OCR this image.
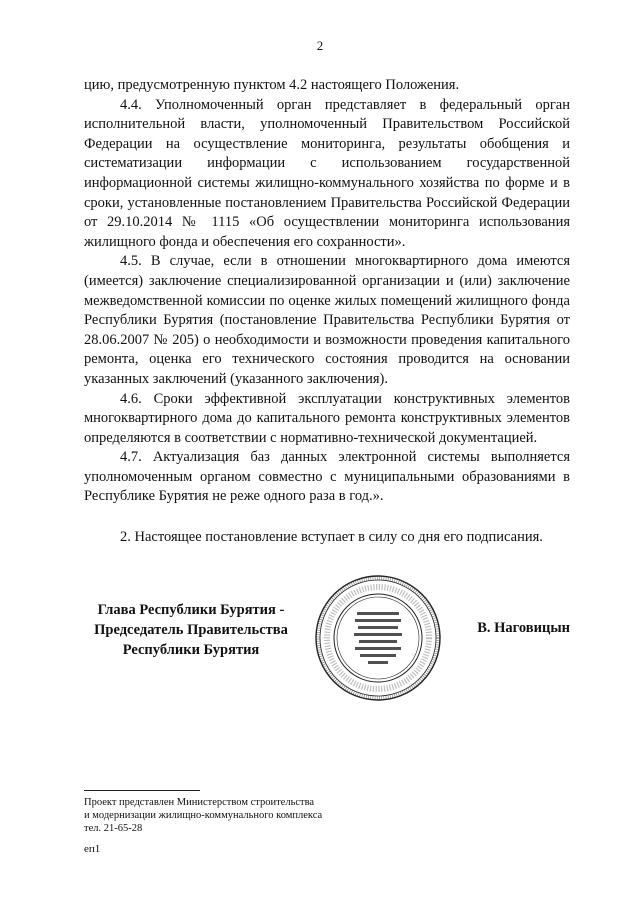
2

цию, предусмотренную пунктом 4.2 настоящего Положения.

4.4. Уполномоченный орган представляет в федеральный орган исполнительной власти, уполномоченный Правительством Российской Федерации на осуществление мониторинга, результаты обобщения и систематизации информации с использованием государственной информационной системы жилищно-коммунального хозяйства по форме и в сроки, установленные постановлением Правительства Российской Федерации от 29.10.2014 № 1115 «Об осуществлении мониторинга использования жилищного фонда и обеспечения его сохранности».

4.5. В случае, если в отношении многоквартирного дома имеются (имеется) заключение специализированной организации и (или) заключение межведомственной комиссии по оценке жилых помещений жилищного фонда Республики Бурятия (постановление Правительства Республики Бурятия от 28.06.2007 № 205) о необходимости и возможности проведения капитального ремонта, оценка его технического состояния проводится на основании указанных заключений (указанного заключения).

4.6. Сроки эффективной эксплуатации конструктивных элементов многоквартирного дома до капитального ремонта конструктивных элементов определяются в соответствии с нормативно-технической документацией.

4.7. Актуализация баз данных электронной системы выполняется уполномоченным органом совместно с муниципальными образованиями в Республике Бурятия не реже одного раза в год.».

2. Настоящее постановление вступает в силу со дня его подписания.

Глава Республики Бурятия -
Председатель Правительства
Республики Бурятия
В. Наговицын
Проект представлен Министерством строительства
и модернизации жилищно-коммунального комплекса
тел. 21-65-28
еп1
